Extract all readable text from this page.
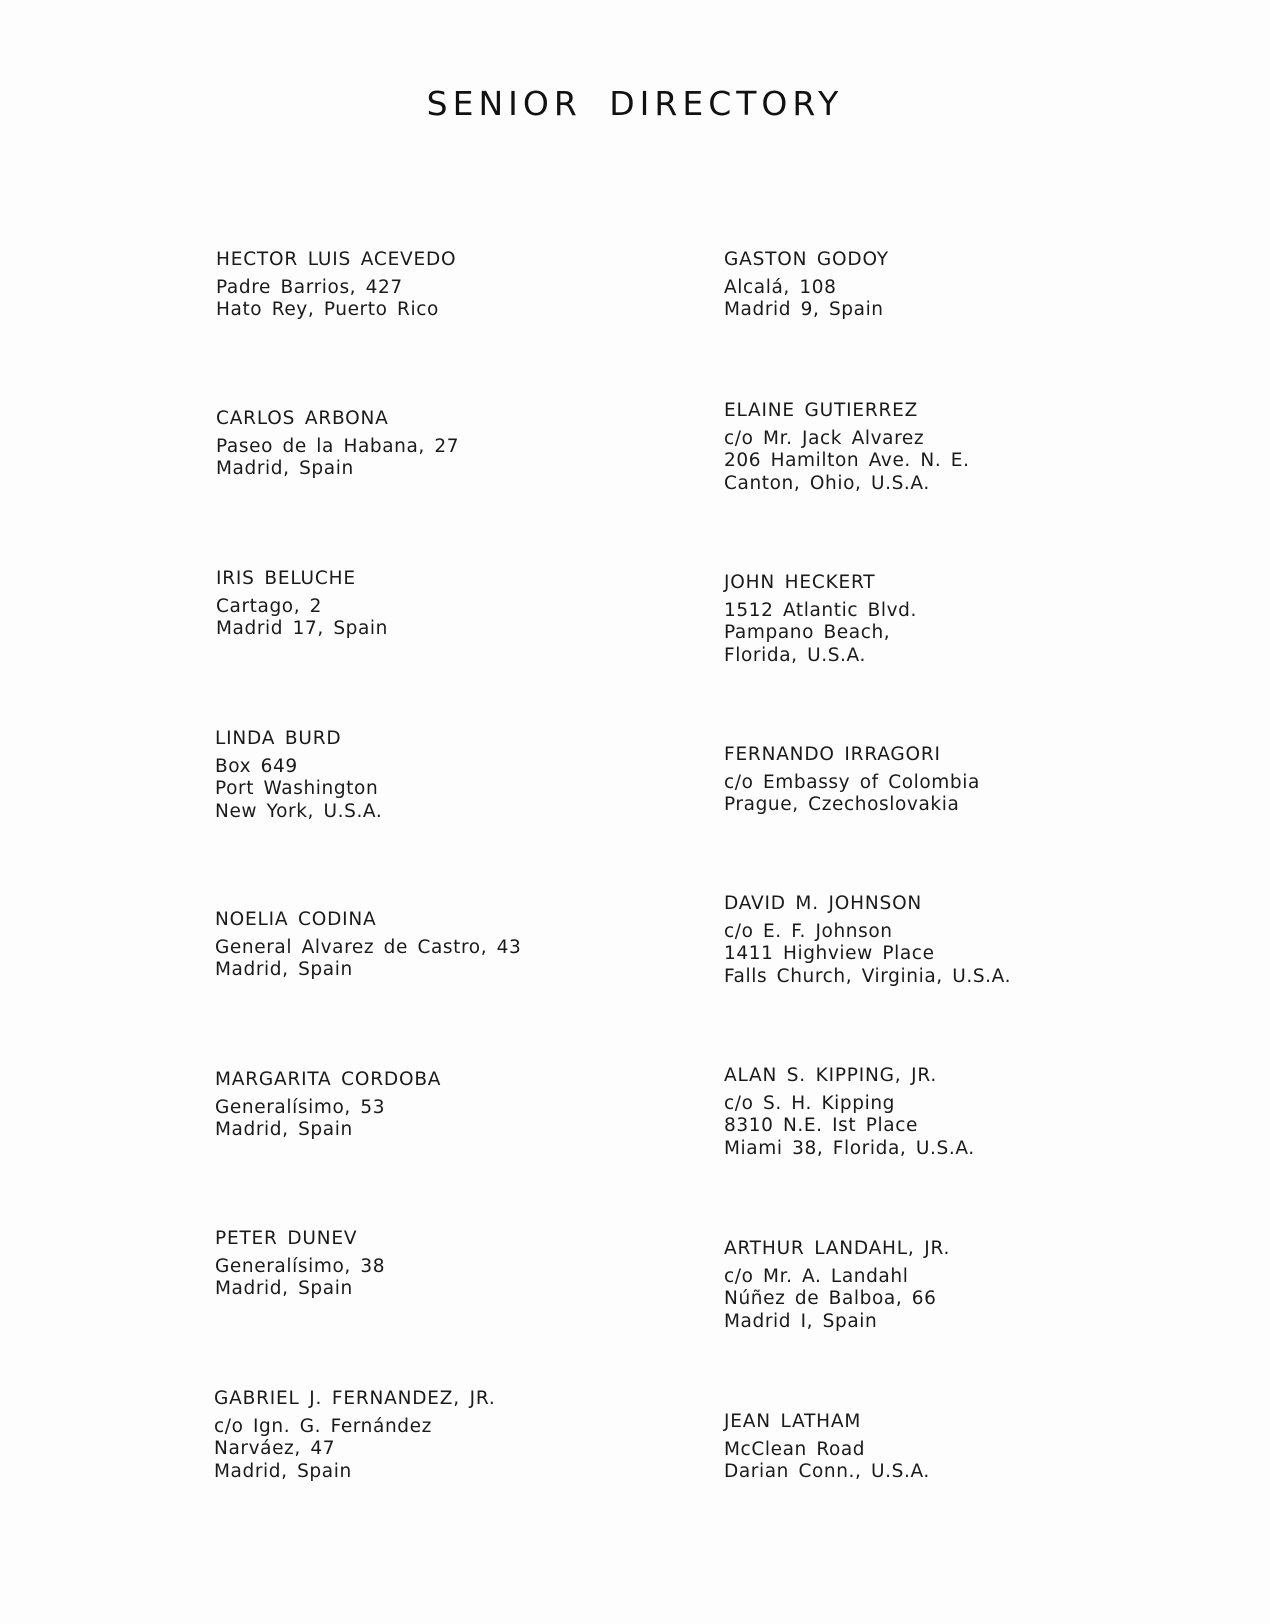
SENIOR DIRECTORY
HECTOR LUIS ACEVEDO
Padre Barrios, 427
Hato Rey, Puerto Rico
CARLOS ARBONA
Paseo de la Habana, 27
Madrid, Spain
IRIS BELUCHE
Cartago, 2
Madrid 17, Spain
LINDA BURD
Box 649
Port Washington
New York, U.S.A.
NOELIA CODINA
General Alvarez de Castro, 43
Madrid, Spain
MARGARITA CORDOBA
Generalísimo, 53
Madrid, Spain
PETER DUNEV
Generalísimo, 38
Madrid, Spain
GABRIEL J. FERNANDEZ, JR.
c/o Ign. G. Fernández
Narváez, 47
Madrid, Spain
GASTON GODOY
Alcalá, 108
Madrid 9, Spain
ELAINE GUTIERREZ
c/o Mr. Jack Alvarez
206 Hamilton Ave. N. E.
Canton, Ohio, U.S.A.
JOHN HECKERT
1512 Atlantic Blvd.
Pampano Beach,
Florida, U.S.A.
FERNANDO IRRAGORI
c/o Embassy of Colombia
Prague, Czechoslovakia
DAVID M. JOHNSON
c/o E. F. Johnson
1411 Highview Place
Falls Church, Virginia, U.S.A.
ALAN S. KIPPING, JR.
c/o S. H. Kipping
8310 N.E. Ist Place
Miami 38, Florida, U.S.A.
ARTHUR LANDAHL, JR.
c/o Mr. A. Landahl
Núñez de Balboa, 66
Madrid I, Spain
JEAN LATHAM
McClean Road
Darian Conn., U.S.A.
